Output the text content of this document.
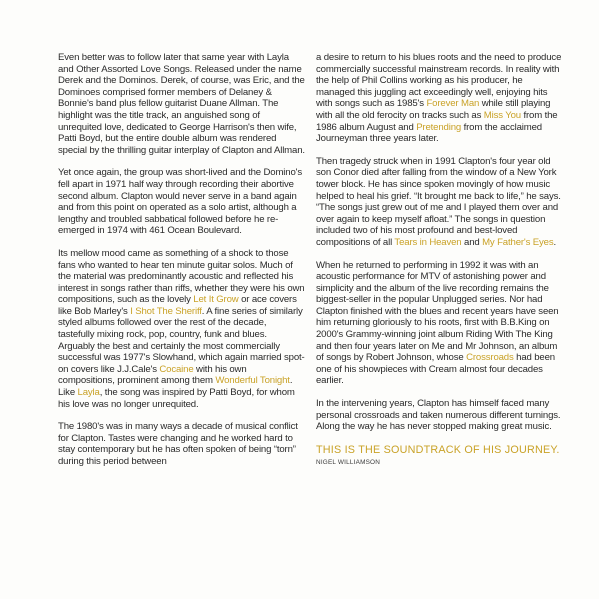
Even better was to follow later that same year with Layla and Other Assorted Love Songs. Released under the name Derek and the Dominos. Derek, of course, was Eric, and the Dominoes comprised former members of Delaney & Bonnie's band plus fellow guitarist Duane Allman. The highlight was the title track, an anguished song of unrequited love, dedicated to George Harrison's then wife, Patti Boyd, but the entire double album was rendered special by the thrilling guitar interplay of Clapton and Allman.

Yet once again, the group was short-lived and the Domino's fell apart in 1971 half way through recording their abortive second album. Clapton would never serve in a band again and from this point on operated as a solo artist, although a lengthy and troubled sabbatical followed before he re-emerged in 1974 with 461 Ocean Boulevard.

Its mellow mood came as something of a shock to those fans who wanted to hear ten minute guitar solos. Much of the material was predominantly acoustic and reflected his interest in songs rather than riffs, whether they were his own compositions, such as the lovely Let It Grow or ace covers like Bob Marley's I Shot The Sheriff. A fine series of similarly styled albums followed over the rest of the decade, tastefully mixing rock, pop, country, funk and blues. Arguably the best and certainly the most commercially successful was 1977's Slowhand, which again married spot-on covers like J.J.Cale's Cocaine with his own compositions, prominent among them Wonderful Tonight. Like Layla, the song was inspired by Patti Boyd, for whom his love was no longer unrequited.

The 1980's was in many ways a decade of musical conflict for Clapton. Tastes were changing and he worked hard to stay contemporary but he has often spoken of being “torn” during this period between

a desire to return to his blues roots and the need to produce commercially successful mainstream records. In reality with the help of Phil Collins working as his producer, he managed this juggling act exceedingly well, enjoying hits with songs such as 1985's Forever Man while still playing with all the old ferocity on tracks such as Miss You from the 1986 album August and Pretending from the acclaimed Journeyman three years later.

Then tragedy struck when in 1991 Clapton's four year old son Conor died after falling from the window of a New York tower block. He has since spoken movingly of how music helped to heal his grief. “It brought me back to life,” he says. “The songs just grew out of me and I played them over and over again to keep myself afloat.” The songs in question included two of his most profound and best-loved compositions of all Tears in Heaven and My Father's Eyes.

When he returned to performing in 1992 it was with an acoustic performance for MTV of astonishing power and simplicity and the album of the live recording remains the biggest-seller in the popular Unplugged series. Nor had Clapton finished with the blues and recent years have seen him returning gloriously to his roots, first with B.B.King on 2000's Grammy-winning joint album Riding With The King and then four years later on Me and Mr Johnson, an album of songs by Robert Johnson, whose Crossroads had been one of his showpieces with Cream almost four decades earlier.

In the intervening years, Clapton has himself faced many personal crossroads and taken numerous different turnings. Along the way he has never stopped making great music.

THIS IS THE SOUNDTRACK OF HIS JOURNEY.
NIGEL WILLIAMSON
